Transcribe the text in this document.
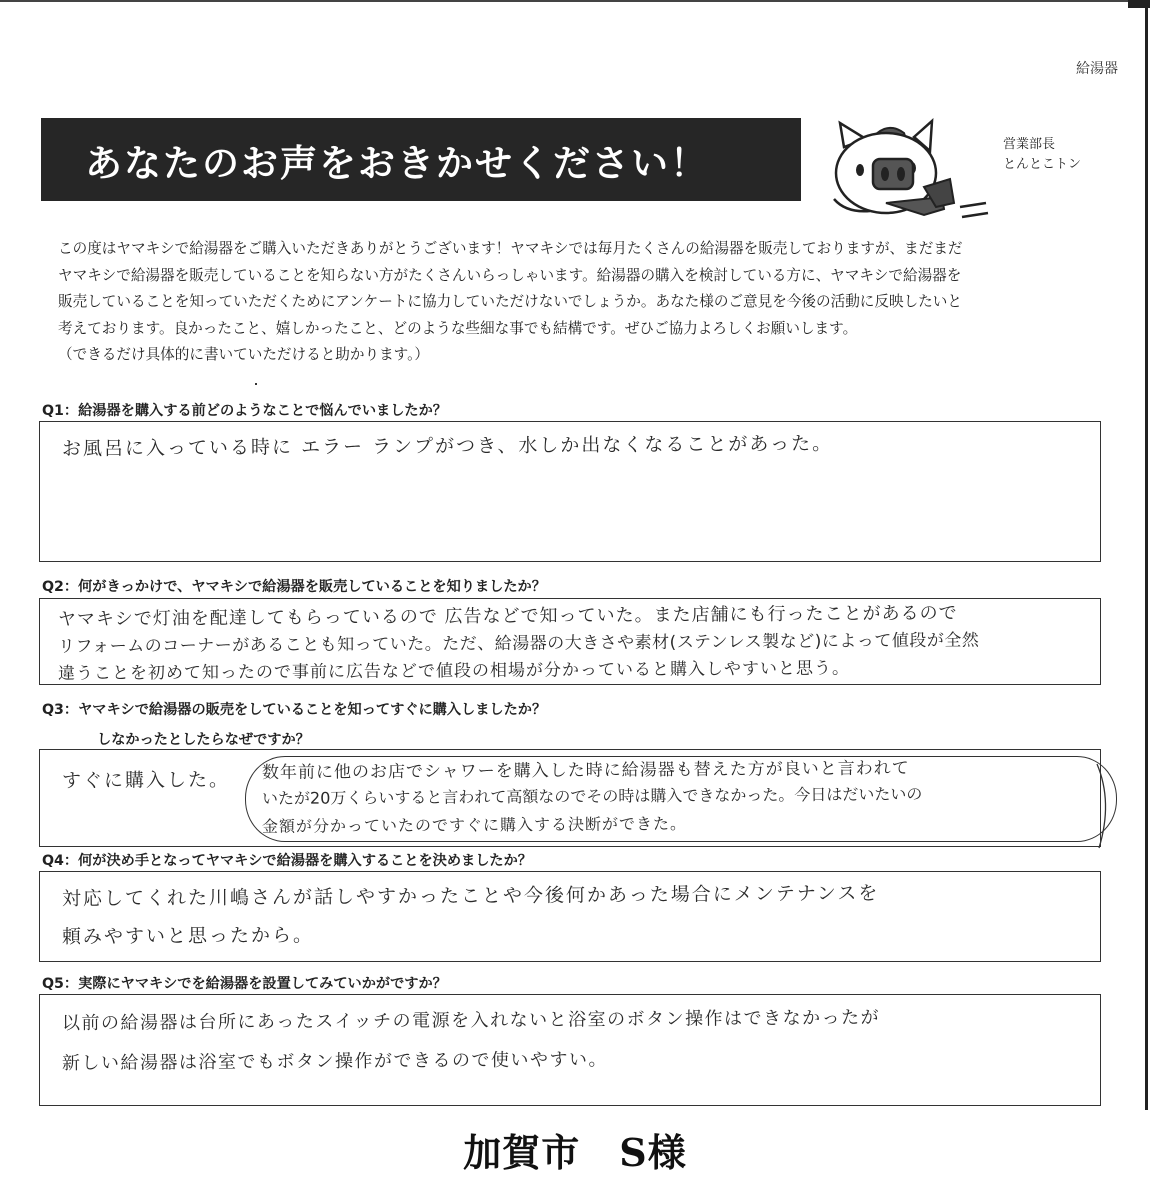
給湯器
あなたのお声をおきかせください！	営業部長
とんとこトン

この度はヤマキシで給湯器をご購入いただきありがとうございます！ヤマキシでは毎月たくさんの給湯器を販売しておりますが、まだまだ

ヤマキシで給湯器を販売していることを知らない方がたくさんいらっしゃいます。給湯器の購入を検討している方に、ヤマキシで給湯器を

販売していることを知っていただくためにアンケートに協力していただけないでしょうか。あなた様のご意見を今後の活動に反映したいと

考えております。良かったこと、嬉しかったこと、どのような些細な事でも結構です。ぜひご協力よろしくお願いします。

（できるだけ具体的に書いていただけると助かります。）

Q1：給湯器を購入する前どのようなことで悩んでいましたか？
お風呂に入っている時に エラー ランプがつき、水しか出なくなることがあった。
Q2：何がきっかけで、ヤマキシで給湯器を販売していることを知りましたか？
ヤマキシで灯油を配達してもらっているので 広告などで知っていた。また店舗にも行ったことがあるので
リフォームのコーナーがあることも知っていた。ただ、給湯器の大きさや素材(ステンレス製など)によって値段が全然
違うことを初めて知ったので事前に広告などで値段の相場が分かっていると購入しやすいと思う。
Q3：ヤマキシで給湯器の販売をしていることを知ってすぐに購入しましたか？
しなかったとしたらなぜですか？
すぐに購入した。 数年前に他のお店でシャワーを購入した時に給湯器も替えた方が良いと言われて
いたが20万くらいすると言われて高額なのでその時は購入できなかった。今日はだいたいの
金額が分かっていたのですぐに購入する決断ができた。
Q4：何が決め手となってヤマキシで給湯器を購入することを決めましたか？
対応してくれた川嶋さんが話しやすかったことや今後何かあった場合にメンテナンスを
頼みやすいと思ったから。
Q5：実際にヤマキシでを給湯器を設置してみていかがですか？
以前の給湯器は台所にあったスイッチの電源を入れないと浴室のボタン操作はできなかったが
新しい給湯器は浴室でもボタン操作ができるので使いやすい。
加賀市　S様
